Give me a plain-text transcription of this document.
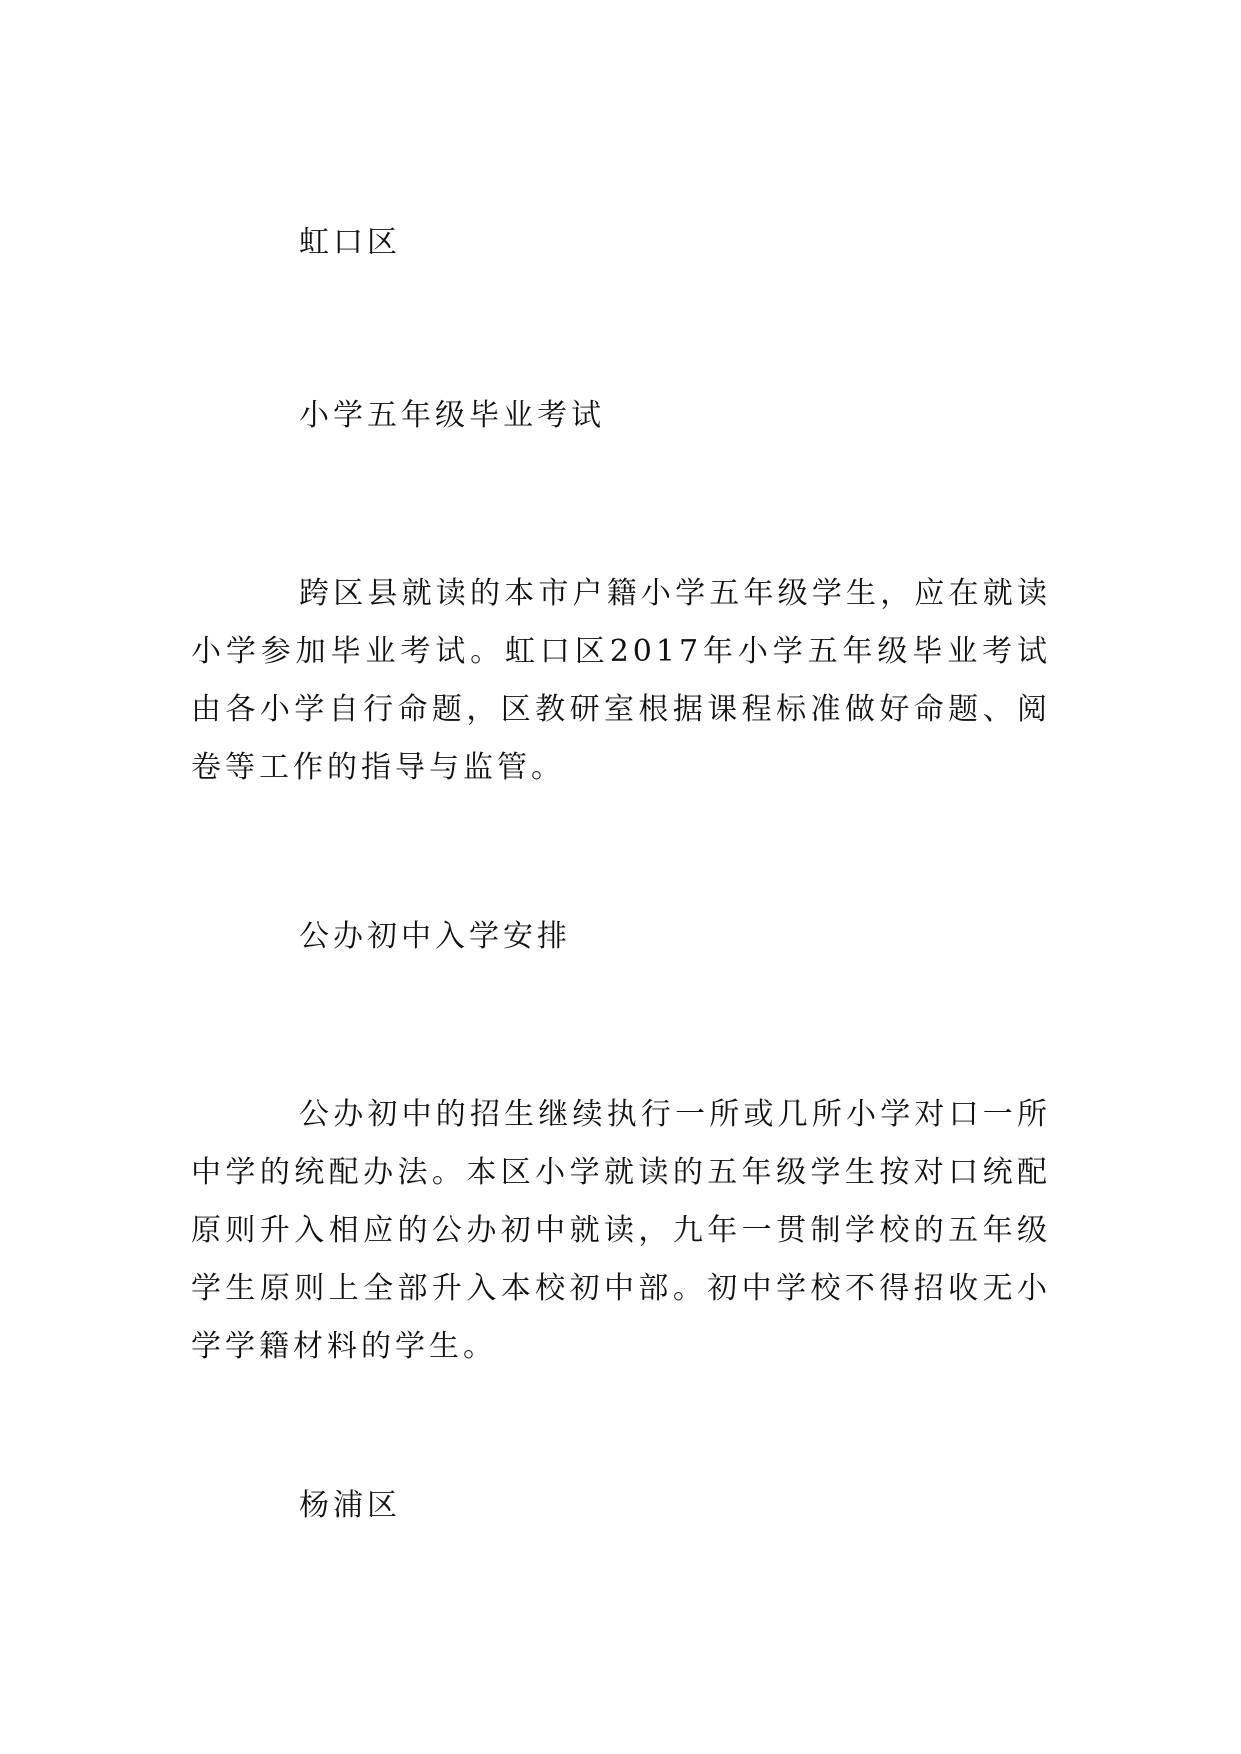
虹口区
小学五年级毕业考试

跨区县就读的本市户籍小学五年级学生，应在就读小学参加毕业考试。虹口区2017年小学五年级毕业考试由各小学自行命题，区教研室根据课程标准做好命题、阅卷等工作的指导与监管。

公办初中入学安排

公办初中的招生继续执行一所或几所小学对口一所中学的统配办法。本区小学就读的五年级学生按对口统配原则升入相应的公办初中就读，九年一贯制学校的五年级学生原则上全部升入本校初中部。初中学校不得招收无小学学籍材料的学生。

杨浦区
